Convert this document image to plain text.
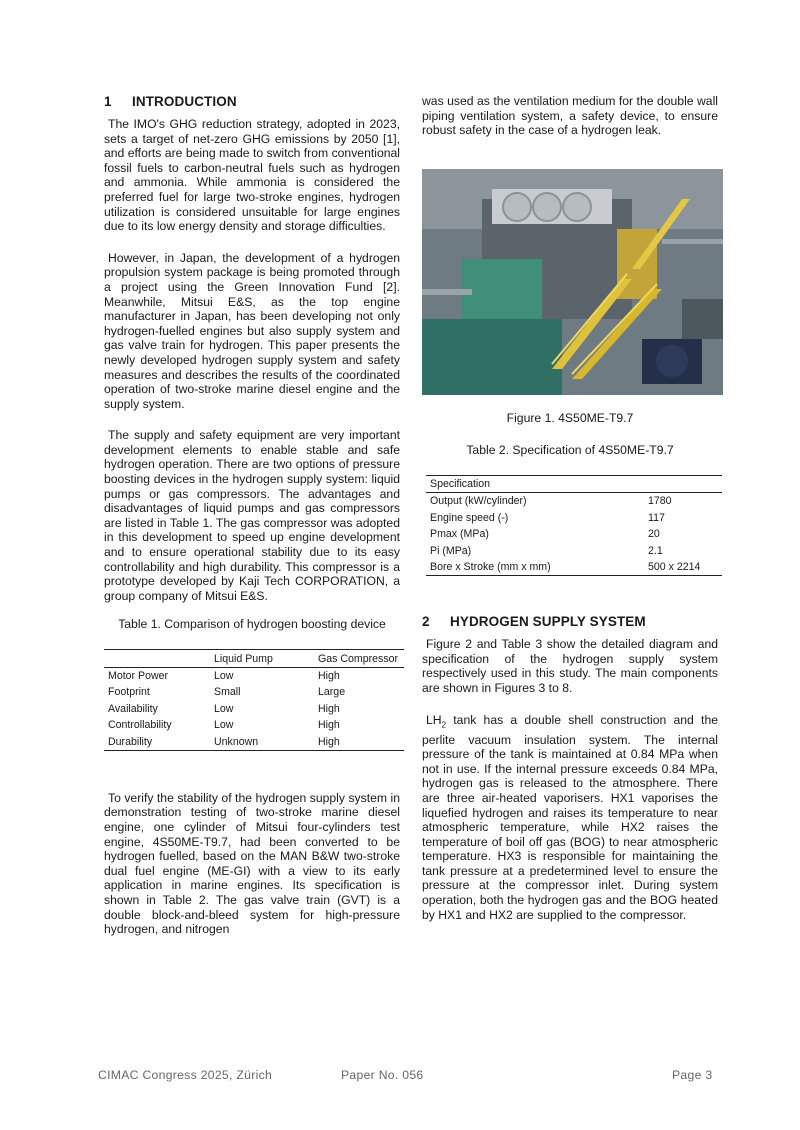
1 INTRODUCTION

The IMO's GHG reduction strategy, adopted in 2023, sets a target of net-zero GHG emissions by 2050 [1], and efforts are being made to switch from conventional fossil fuels to carbon-neutral fuels such as hydrogen and ammonia. While ammonia is considered the preferred fuel for large two-stroke engines, hydrogen utilization is considered unsuitable for large engines due to its low energy density and storage difficulties.

However, in Japan, the development of a hydrogen propulsion system package is being promoted through a project using the Green Innovation Fund [2]. Meanwhile, Mitsui E&S, as the top engine manufacturer in Japan, has been developing not only hydrogen-fuelled engines but also supply system and gas valve train for hydrogen. This paper presents the newly developed hydrogen supply system and safety measures and describes the results of the coordinated operation of two-stroke marine diesel engine and the supply system.

The supply and safety equipment are very important development elements to enable stable and safe hydrogen operation. There are two options of pressure boosting devices in the hydrogen supply system: liquid pumps or gas compressors. The advantages and disadvantages of liquid pumps and gas compressors are listed in Table 1. The gas compressor was adopted in this development to speed up engine development and to ensure operational stability due to its easy controllability and high durability. This compressor is a prototype developed by Kaji Tech CORPORATION, a group company of Mitsui E&S.

Table 1. Comparison of hydrogen boosting device
	Liquid Pump	Gas Compressor
Motor Power	Low	High
Footprint	Small	Large
Availability	Low	High
Controllability	Low	High
Durability	Unknown	High

To verify the stability of the hydrogen supply system in demonstration testing of two-stroke marine diesel engine, one cylinder of Mitsui four-cylinders test engine, 4S50ME-T9.7, had been converted to be hydrogen fuelled, based on the MAN B&W two-stroke dual fuel engine (ME-GI) with a view to its early application in marine engines. Its specification is shown in Table 2. The gas valve train (GVT) is a double block-and-bleed system for high-pressure hydrogen, and nitrogen

was used as the ventilation medium for the double wall piping ventilation system, a safety device, to ensure robust safety in the case of a hydrogen leak.

Figure 1. 4S50ME-T9.7
Table 2. Specification of 4S50ME-T9.7
Specification	
Output (kW/cylinder)	1780
Engine speed (-)	117
Pmax (MPa)	20
Pi (MPa)	2.1
Bore x Stroke (mm x mm)	500 x 2214
2 HYDROGEN SUPPLY SYSTEM

Figure 2 and Table 3 show the detailed diagram and specification of the hydrogen supply system respectively used in this study. The main components are shown in Figures 3 to 8.

$LH_2$ tank has a double shell construction and the perlite vacuum insulation system. The internal pressure of the tank is maintained at 0.84 MPa when not in use. If the internal pressure exceeds 0.84 MPa, hydrogen gas is released to the atmosphere. There are three air-heated vaporisers. HX1 vaporises the liquefied hydrogen and raises its temperature to near atmospheric temperature, while HX2 raises the temperature of boil off gas (BOG) to near atmospheric temperature. HX3 is responsible for maintaining the tank pressure at a predetermined level to ensure the pressure at the compressor inlet. During system operation, both the hydrogen gas and the BOG heated by HX1 and HX2 are supplied to the compressor.

CIMAC Congress 2025, Zürich	Paper No. 056	Page 3
